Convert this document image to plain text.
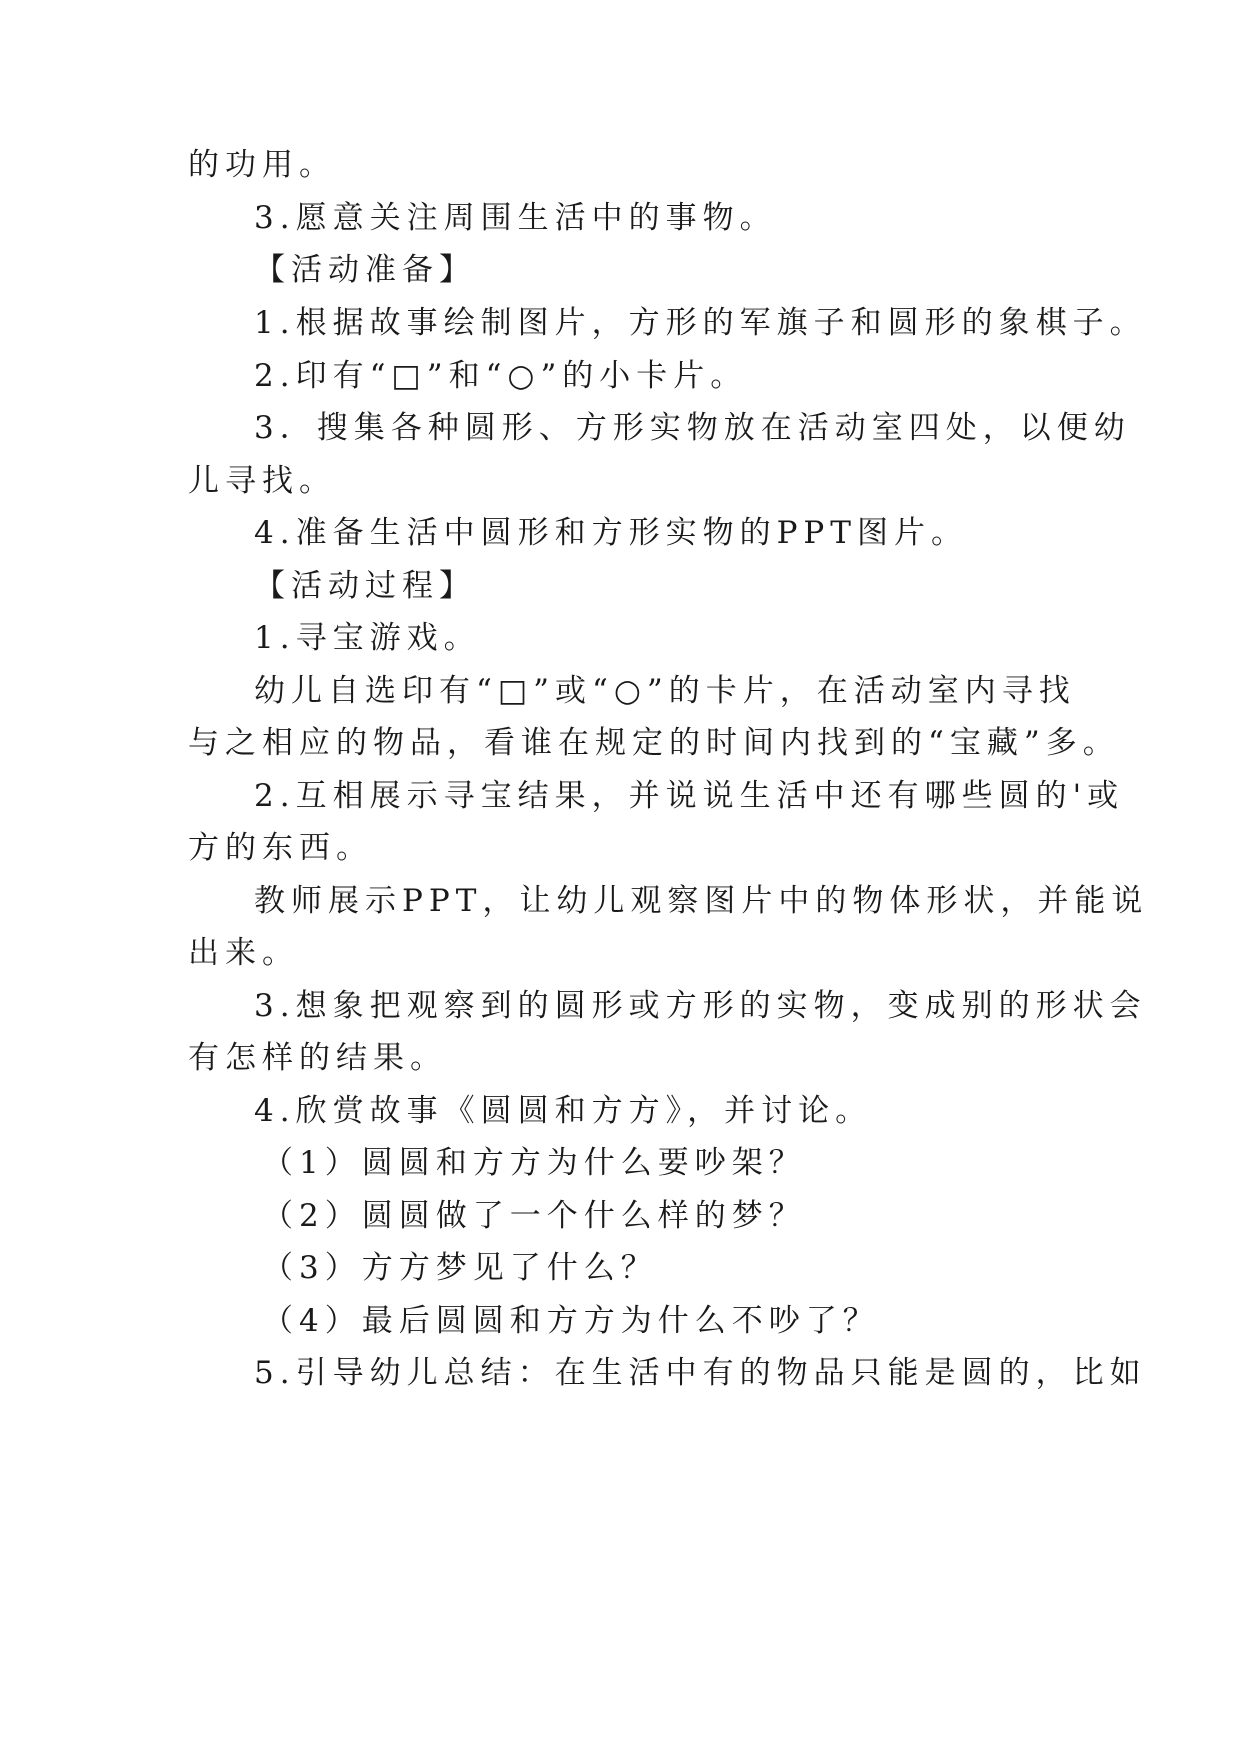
的功用。
3.愿意关注周围生活中的事物。
【活动准备】
1.根据故事绘制图片，方形的军旗子和圆形的象棋子。
2.印有“□”和“○”的小卡片。
3．搜集各种圆形、方形实物放在活动室四处，以便幼
儿寻找。
4.准备生活中圆形和方形实物的PPT图片。
【活动过程】
1.寻宝游戏。
幼儿自选印有“□”或“○”的卡片，在活动室内寻找
与之相应的物品，看谁在规定的时间内找到的“宝藏”多。
2.互相展示寻宝结果，并说说生活中还有哪些圆的'或
方的东西。
教师展示PPT，让幼儿观察图片中的物体形状，并能说
出来。
3.想象把观察到的圆形或方形的实物，变成别的形状会
有怎样的结果。
4.欣赏故事《圆圆和方方》，并讨论。
（1）圆圆和方方为什么要吵架？
（2）圆圆做了一个什么样的梦？
（3）方方梦见了什么？
（4）最后圆圆和方方为什么不吵了？
5.引导幼儿总结：在生活中有的物品只能是圆的，比如
